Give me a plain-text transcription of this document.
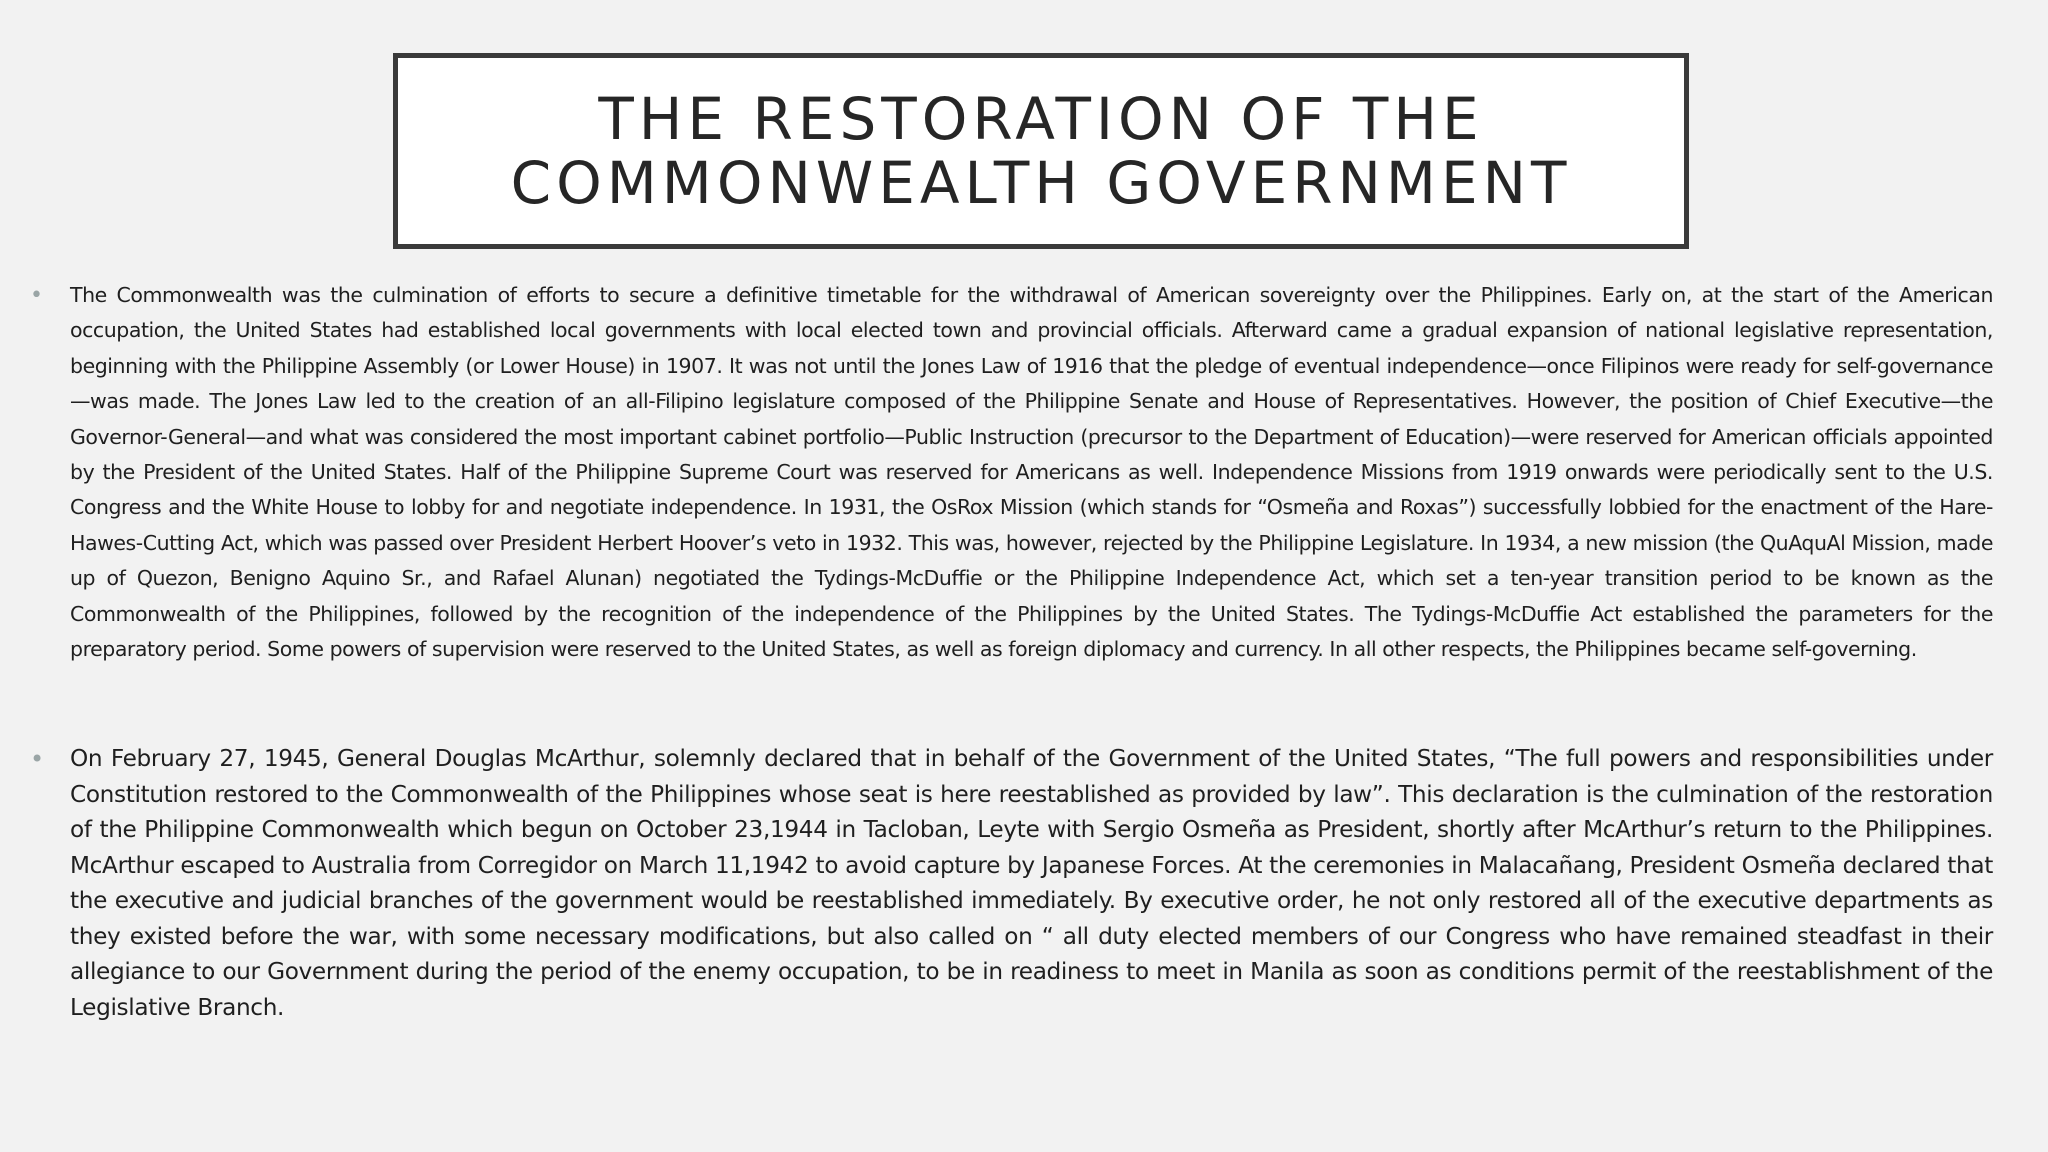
THE RESTORATION OF THE
COMMONWEALTH GOVERNMENT
• The Commonwealth was the culmination of efforts to secure a definitive timetable for the withdrawal of American sovereignty over the Philippines. Early on, at the start of the American occupation, the United States had established local governments with local elected town and provincial officials. Afterward came a gradual expansion of national legislative representation, beginning with the Philippine Assembly (or Lower House) in 1907. It was not until the Jones Law of 1916 that the pledge of eventual independence—once Filipinos were ready for self-governance—was made. The Jones Law led to the creation of an all-Filipino legislature composed of the Philippine Senate and House of Representatives. However, the position of Chief Executive—the Governor-General—and what was considered the most important cabinet portfolio—Public Instruction (precursor to the Department of Education)—were reserved for American officials appointed by the President of the United States. Half of the Philippine Supreme Court was reserved for Americans as well. Independence Missions from 1919 onwards were periodically sent to the U.S. Congress and the White House to lobby for and negotiate independence. In 1931, the OsRox Mission (which stands for “Osmeña and Roxas”) successfully lobbied for the enactment of the Hare-Hawes-Cutting Act, which was passed over President Herbert Hoover’s veto in 1932. This was, however, rejected by the Philippine Legislature. In 1934, a new mission (the QuAquAl Mission, made up of Quezon, Benigno Aquino Sr., and Rafael Alunan) negotiated the Tydings-McDuffie or the Philippine Independence Act, which set a ten-year transition period to be known as the Commonwealth of the Philippines, followed by the recognition of the independence of the Philippines by the United States. The Tydings-McDuffie Act established the parameters for the preparatory period. Some powers of supervision were reserved to the United States, as well as foreign diplomacy and currency. In all other respects, the Philippines became self-governing.

• On February 27, 1945, General Douglas McArthur, solemnly declared that in behalf of the Government of the United States, “The full powers and responsibilities under Constitution restored to the Commonwealth of the Philippines whose seat is here reestablished as provided by law”. This declaration is the culmination of the restoration of the Philippine Commonwealth which begun on October 23,1944 in Tacloban, Leyte with Sergio Osmeña as President, shortly after McArthur’s return to the Philippines. McArthur escaped to Australia from Corregidor on March 11,1942 to avoid capture by Japanese Forces. At the ceremonies in Malacañang, President Osmeña declared that the executive and judicial branches of the government would be reestablished immediately. By executive order, he not only restored all of the executive departments as they existed before the war, with some necessary modifications, but also called on “ all duty elected members of our Congress who have remained steadfast in their allegiance to our Government during the period of the enemy occupation, to be in readiness to meet in Manila as soon as conditions permit of the reestablishment of the Legislative Branch.
